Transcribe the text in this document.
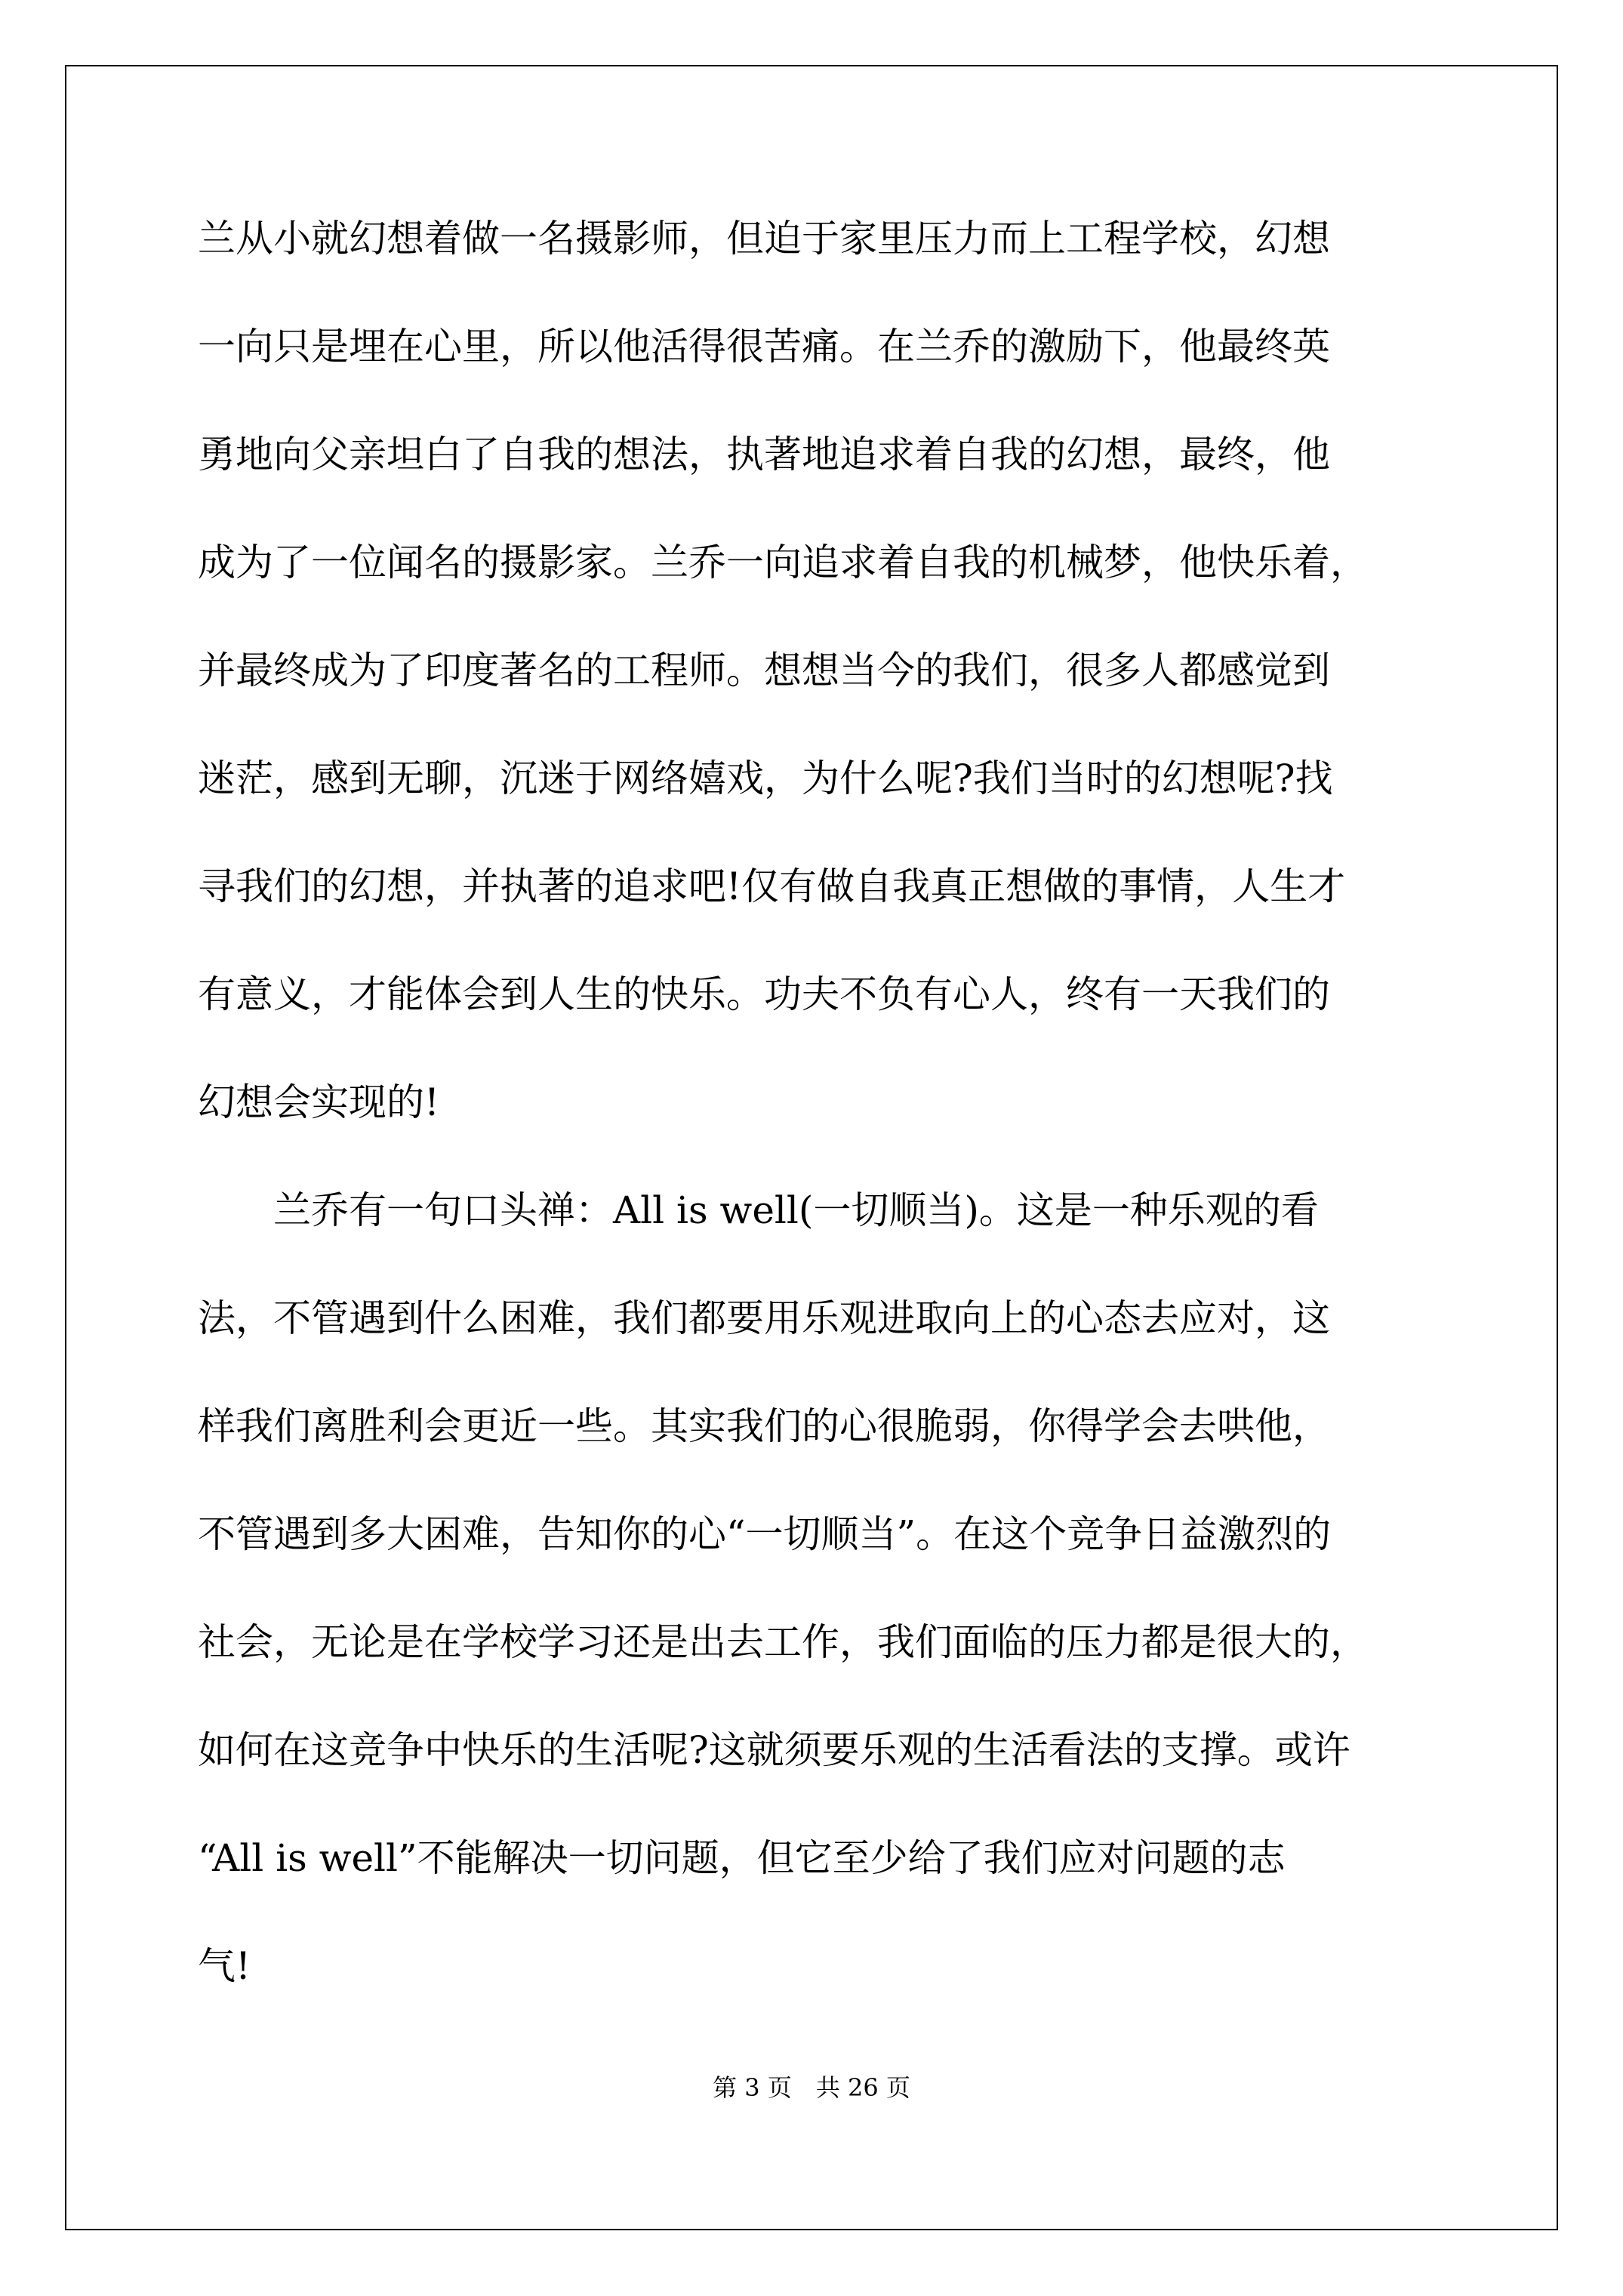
兰从小就幻想着做一名摄影师，但迫于家里压力而上工程学校，幻想
一向只是埋在心里，所以他活得很苦痛。在兰乔的激励下，他最终英
勇地向父亲坦白了自我的想法，执著地追求着自我的幻想，最终，他
成为了一位闻名的摄影家。兰乔一向追求着自我的机械梦，他快乐着，
并最终成为了印度著名的工程师。想想当今的我们，很多人都感觉到
迷茫，感到无聊，沉迷于网络嬉戏，为什么呢?我们当时的幻想呢?找
寻我们的幻想，并执著的追求吧!仅有做自我真正想做的事情，人生才
有意义，才能体会到人生的快乐。功夫不负有心人，终有一天我们的
幻想会实现的!
　　兰乔有一句口头禅：All is well(一切顺当)。这是一种乐观的看
法，不管遇到什么困难，我们都要用乐观进取向上的心态去应对，这
样我们离胜利会更近一些。其实我们的心很脆弱，你得学会去哄他，
不管遇到多大困难，告知你的心“一切顺当”。在这个竞争日益激烈的
社会，无论是在学校学习还是出去工作，我们面临的压力都是很大的，
如何在这竞争中快乐的生活呢?这就须要乐观的生活看法的支撑。或许
“All is well”不能解决一切问题，但它至少给了我们应对问题的志
气!
第 3 页　共 26 页
